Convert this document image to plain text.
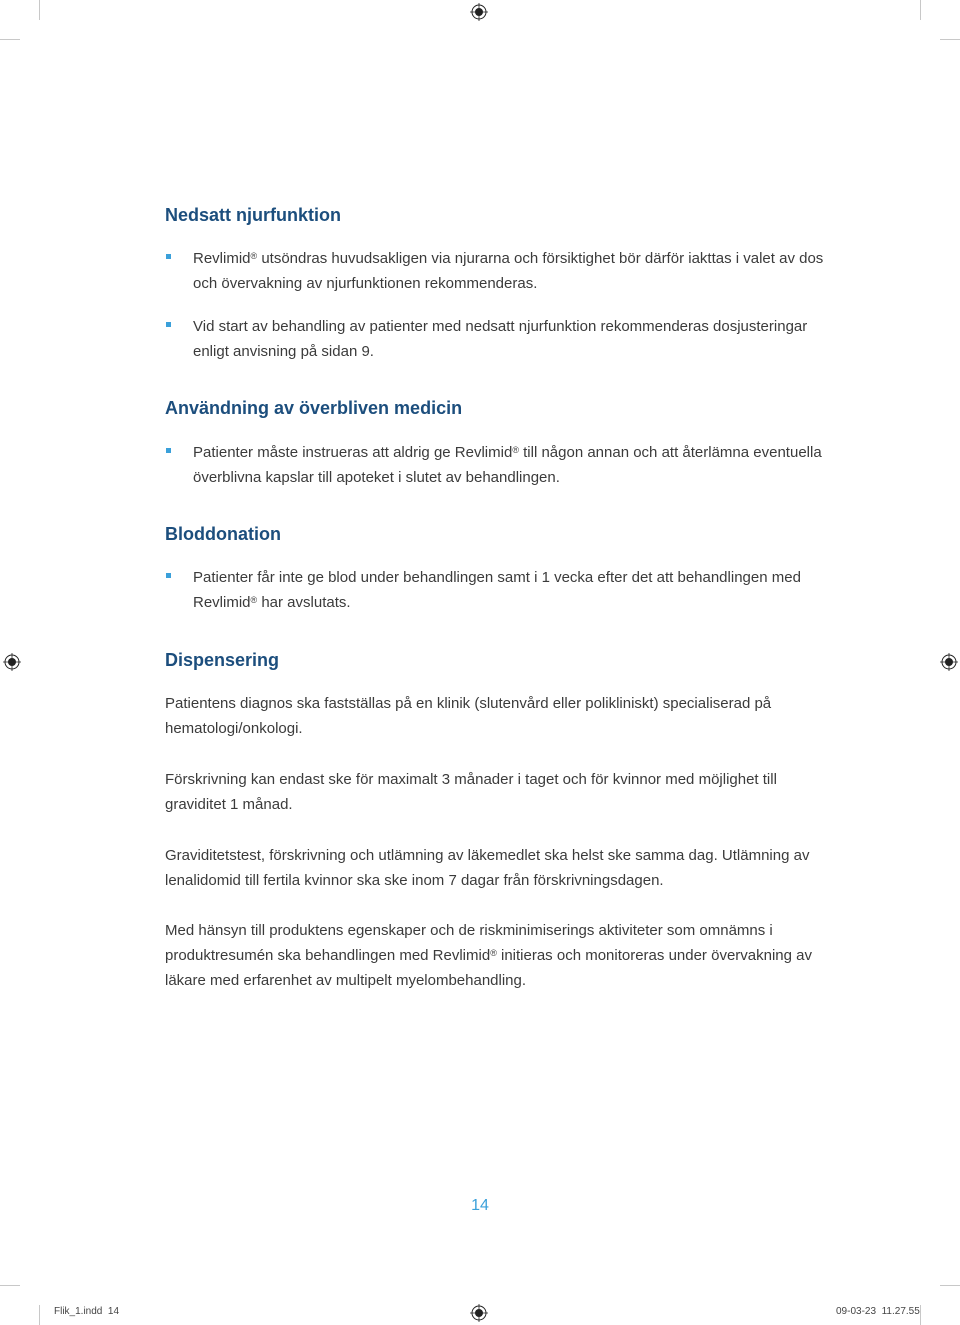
Nedsatt njurfunktion

Revlimid® utsöndras huvudsakligen via njurarna och försiktighet bör därför iakttas i valet av dos
och övervakning av njurfunktionen rekommenderas.

Vid start av behandling av patienter med nedsatt njurfunktion rekommenderas dosjusteringar
enligt anvisning på sidan 9.

Användning av överbliven medicin

Patienter måste instrueras att aldrig ge Revlimid® till någon annan och att återlämna eventuella
överblivna kapslar till apoteket i slutet av behandlingen.

Bloddonation

Patienter får inte ge blod under behandlingen samt i 1 vecka efter det att behandlingen med
Revlimid® har avslutats.

Dispensering

Patientens diagnos ska fastställas på en klinik (slutenvård eller polikliniskt) specialiserad på
hematologi/onkologi.

Förskrivning kan endast ske för maximalt 3 månader i taget och för kvinnor med möjlighet till
graviditet 1 månad.

Graviditetstest, förskrivning och utlämning av läkemedlet ska helst ske samma dag. Utlämning av
lenalidomid till fertila kvinnor ska ske inom 7 dagar från förskrivningsdagen.

Med hänsyn till produktens egenskaper och de riskminimiserings aktiviteter som omnämns i
produktresumén ska behandlingen med Revlimid® initieras och monitoreras under övervakning av
läkare med erfarenhet av multipelt myelombehandling.

14
Flik_1.indd 14	09-03-23 11.27.55
